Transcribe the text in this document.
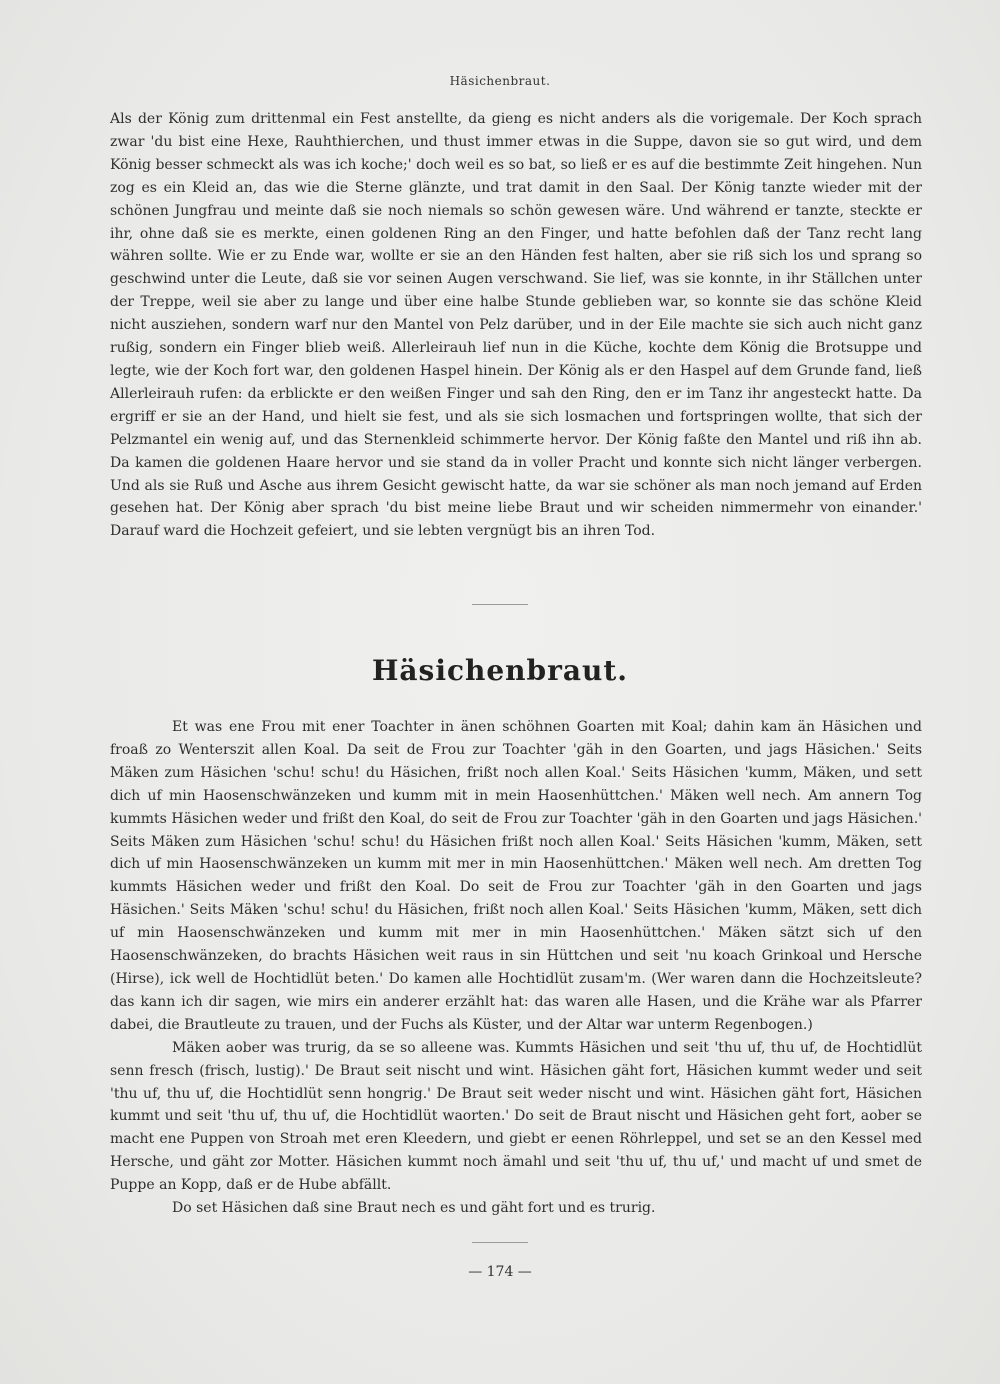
Häsichenbraut.

Als der König zum drittenmal ein Fest anstellte, da gieng es nicht anders als die vorigemale. Der Koch sprach zwar 'du bist eine Hexe, Rauhthierchen, und thust immer etwas in die Suppe, davon sie so gut wird, und dem König besser schmeckt als was ich koche;' doch weil es so bat, so ließ er es auf die bestimmte Zeit hingehen. Nun zog es ein Kleid an, das wie die Sterne glänzte, und trat damit in den Saal. Der König tanzte wieder mit der schönen Jungfrau und meinte daß sie noch niemals so schön gewesen wäre. Und während er tanzte, steckte er ihr, ohne daß sie es merkte, einen goldenen Ring an den Finger, und hatte befohlen daß der Tanz recht lang währen sollte. Wie er zu Ende war, wollte er sie an den Händen fest halten, aber sie riß sich los und sprang so geschwind unter die Leute, daß sie vor seinen Augen verschwand. Sie lief, was sie konnte, in ihr Ställchen unter der Treppe, weil sie aber zu lange und über eine halbe Stunde geblieben war, so konnte sie das schöne Kleid nicht ausziehen, sondern warf nur den Mantel von Pelz darüber, und in der Eile machte sie sich auch nicht ganz rußig, sondern ein Finger blieb weiß. Allerleirauh lief nun in die Küche, kochte dem König die Brotsuppe und legte, wie der Koch fort war, den goldenen Haspel hinein. Der König als er den Haspel auf dem Grunde fand, ließ Allerleirauh rufen: da erblickte er den weißen Finger und sah den Ring, den er im Tanz ihr angesteckt hatte. Da ergriff er sie an der Hand, und hielt sie fest, und als sie sich losmachen und fortspringen wollte, that sich der Pelzmantel ein wenig auf, und das Sternenkleid schimmerte hervor. Der König faßte den Mantel und riß ihn ab. Da kamen die goldenen Haare hervor und sie stand da in voller Pracht und konnte sich nicht länger verbergen. Und als sie Ruß und Asche aus ihrem Gesicht gewischt hatte, da war sie schöner als man noch jemand auf Erden gesehen hat. Der König aber sprach 'du bist meine liebe Braut und wir scheiden nimmermehr von einander.' Darauf ward die Hochzeit gefeiert, und sie lebten vergnügt bis an ihren Tod.

Häsichenbraut.

Et was ene Frou mit ener Toachter in änen schöhnen Goarten mit Koal; dahin kam än Häsichen und froaß zo Wenterszit allen Koal. Da seit de Frou zur Toachter 'gäh in den Goarten, und jags Häsichen.' Seits Mäken zum Häsichen 'schu! schu! du Häsichen, frißt noch allen Koal.' Seits Häsichen 'kumm, Mäken, und sett dich uf min Haosenschwänzeken und kumm mit in mein Haosenhüttchen.' Mäken well nech. Am annern Tog kummts Häsichen weder und frißt den Koal, do seit de Frou zur Toachter 'gäh in den Goarten und jags Häsichen.' Seits Mäken zum Häsichen 'schu! schu! du Häsichen frißt noch allen Koal.' Seits Häsichen 'kumm, Mäken, sett dich uf min Haosenschwänzeken un kumm mit mer in min Haosenhüttchen.' Mäken well nech. Am dretten Tog kummts Häsichen weder und frißt den Koal. Do seit de Frou zur Toachter 'gäh in den Goarten und jags Häsichen.' Seits Mäken 'schu! schu! du Häsichen, frißt noch allen Koal.' Seits Häsichen 'kumm, Mäken, sett dich uf min Haosenschwänzeken und kumm mit mer in min Haosenhüttchen.' Mäken sätzt sich uf den Haosenschwänzeken, do brachts Häsichen weit raus in sin Hüttchen und seit 'nu koach Grinkoal und Hersche (Hirse), ick well de Hochtidlüt beten.' Do kamen alle Hochtidlüt zusam'm. (Wer waren dann die Hochzeitsleute? das kann ich dir sagen, wie mirs ein anderer erzählt hat: das waren alle Hasen, und die Krähe war als Pfarrer dabei, die Brautleute zu trauen, und der Fuchs als Küster, und der Altar war unterm Regenbogen.)

Mäken aober was trurig, da se so alleene was. Kummts Häsichen und seit 'thu uf, thu uf, de Hochtidlüt senn fresch (frisch, lustig).' De Braut seit nischt und wint. Häsichen gäht fort, Häsichen kummt weder und seit 'thu uf, thu uf, die Hochtidlüt senn hongrig.' De Braut seit weder nischt und wint. Häsichen gäht fort, Häsichen kummt und seit 'thu uf, thu uf, die Hochtidlüt waorten.' Do seit de Braut nischt und Häsichen geht fort, aober se macht ene Puppen von Stroah met eren Kleedern, und giebt er eenen Röhrleppel, und set se an den Kessel med Hersche, und gäht zor Motter. Häsichen kummt noch ämahl und seit 'thu uf, thu uf,' und macht uf und smet de Puppe an Kopp, daß er de Hube abfällt.

Do set Häsichen daß sine Braut nech es und gäht fort und es trurig.

— 174 —
